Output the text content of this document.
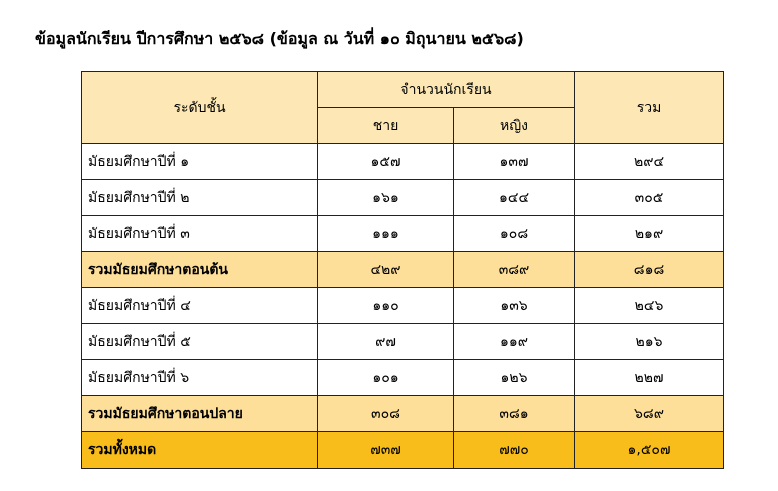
ข้อมูลนักเรียน ปีการศึกษา ๒๕๖๘ (ข้อมูล ณ วันที่ ๑๐ มิถุนายน ๒๕๖๘)
ระดับชั้น	จำนวนนักเรียน		รวม
	ชาย	หญิง	
มัธยมศึกษาปีที่ ๑	๑๕๗	๑๓๗	๒๙๔
มัธยมศึกษาปีที่ ๒	๑๖๑	๑๔๔	๓๐๕
มัธยมศึกษาปีที่ ๓	๑๑๑	๑๐๘	๒๑๙
รวมมัธยมศึกษาตอนต้น	๔๒๙	๓๘๙	๘๑๘
มัธยมศึกษาปีที่ ๔	๑๑๐	๑๓๖	๒๔๖
มัธยมศึกษาปีที่ ๕	๙๗	๑๑๙	๒๑๖
มัธยมศึกษาปีที่ ๖	๑๐๑	๑๒๖	๒๒๗
รวมมัธยมศึกษาตอนปลาย	๓๐๘	๓๘๑	๖๘๙
รวมทั้งหมด	๗๓๗	๗๗๐	๑,๕๐๗
